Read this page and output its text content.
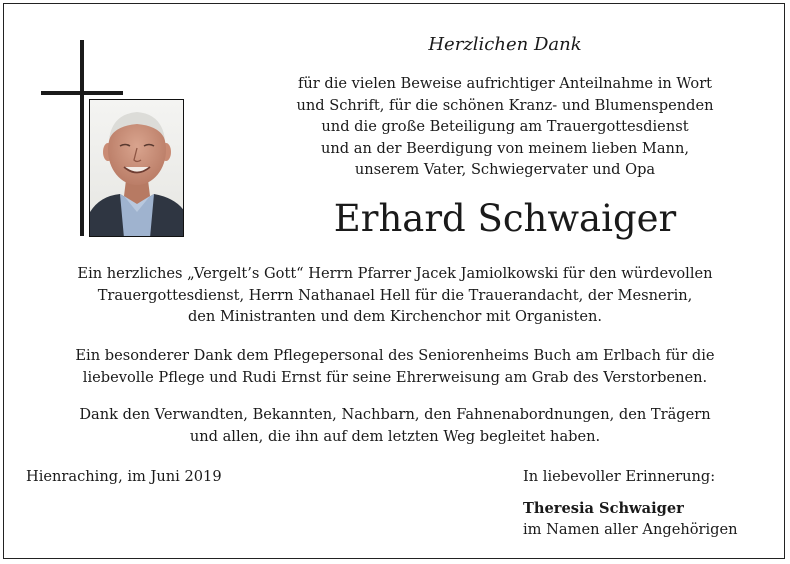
Herzlichen Dank
für die vielen Beweise aufrichtiger Anteilnahme in Wort
und Schrift, für die schönen Kranz- und Blumenspenden
und die große Beteiligung am Trauergottesdienst
und an der Beerdigung von meinem lieben Mann,
unserem Vater, Schwiegervater und Opa
Erhard Schwaiger
Ein herzliches „Vergelt’s Gott“ Herrn Pfarrer Jacek Jamiolkowski für den würdevollen
Trauergottesdienst, Herrn Nathanael Hell für die Trauerandacht, der Mesnerin,
den Ministranten und dem Kirchenchor mit Organisten.
Ein besonderer Dank dem Pflegepersonal des Seniorenheims Buch am Erlbach für die
liebevolle Pflege und Rudi Ernst für seine Ehrerweisung am Grab des Verstorbenen.
Dank den Verwandten, Bekannten, Nachbarn, den Fahnenabordnungen, den Trägern
und allen, die ihn auf dem letzten Weg begleitet haben.
Hienraching, im Juni 2019	In liebevoller Erinnerung:
Theresia Schwaiger
im Namen aller Angehörigen
